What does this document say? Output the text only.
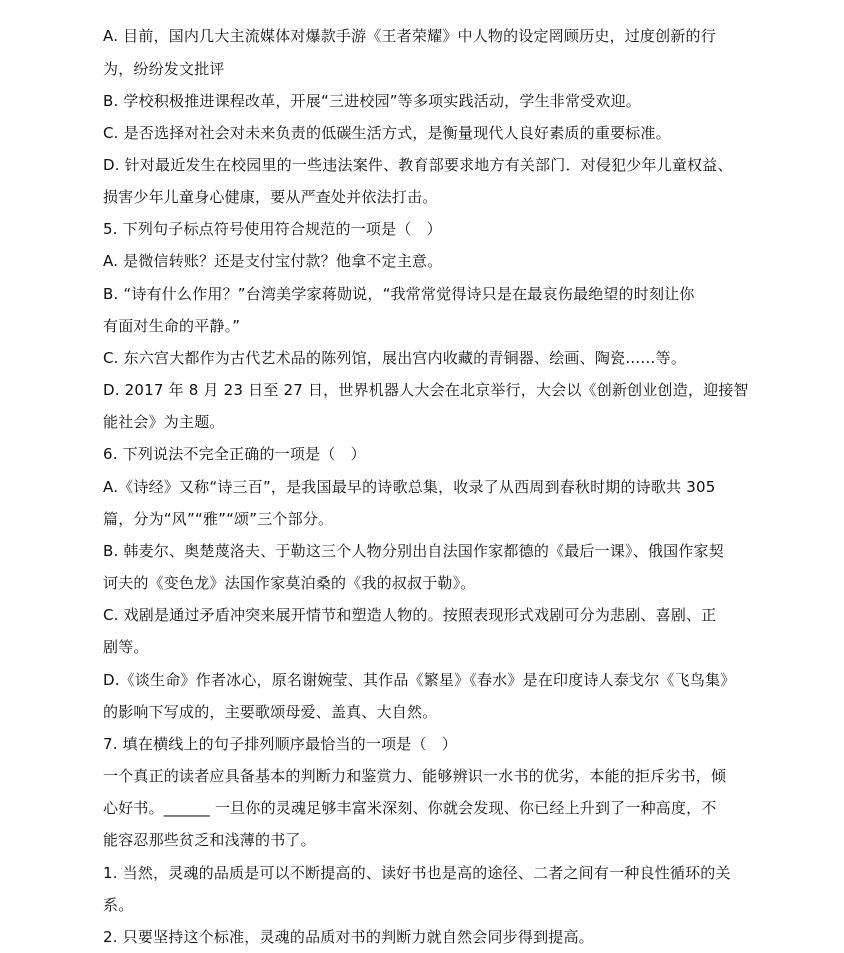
A. 目前，国内几大主流媒体对爆款手游《王者荣耀》中人物的设定罔顾历史，过度创新的行
为，纷纷发文批评
B. 学校积极推进课程改革，开展“三进校园”等多项实践活动，学生非常受欢迎。
C. 是否选择对社会对未来负责的低碳生活方式，是衡量现代人良好素质的重要标准。
D. 针对最近发生在校园里的一些违法案件、教育部要求地方有关部门．对侵犯少年儿童权益、
损害少年儿童身心健康，要从严查处并依法打击。
5. 下列句子标点符号使用符合规范的一项是（　）
A. 是微信转账？还是支付宝付款？他拿不定主意。
B. “诗有什么作用？”台湾美学家蒋勋说，“我常常觉得诗只是在最哀伤最绝望的时刻让你
有面对生命的平静。”
C. 东六宫大都作为古代艺术品的陈列馆，展出宫内收藏的青铜器、绘画、陶瓷……等。
D. 2017 年 8 月 23 日至 27 日，世界机器人大会在北京举行，大会以《创新创业创造，迎接智
能社会》为主题。
6. 下列说法不完全正确的一项是（　）
A.《诗经》又称“诗三百”，是我国最早的诗歌总集，收录了从西周到春秋时期的诗歌共 305
篇，分为“风”“雅”“颂”三个部分。
B. 韩麦尔、奥楚蔑洛夫、于勒这三个人物分别出自法国作家都德的《最后一课》、俄国作家契
诃夫的《变色龙》法国作家莫泊桑的《我的叔叔于勒》。
C. 戏剧是通过矛盾冲突来展开情节和塑造人物的。按照表现形式戏剧可分为悲剧、喜剧、正
剧等。
D.《谈生命》作者冰心，原名谢婉莹、其作品《繁星》《春水》是在印度诗人泰戈尔《飞鸟集》
的影响下写成的，主要歌颂母爱、盖真、大自然。
7. 填在横线上的句子排列顺序最恰当的一项是（　）
一个真正的读者应具备基本的判断力和鉴赏力、能够辨识一水书的优劣，本能的拒斥劣书，倾
心好书。______ 一旦你的灵魂足够丰富米深刻、你就会发现、你已经上升到了一种高度，不
能容忍那些贫乏和浅薄的书了。
1. 当然，灵魂的品质是可以不断提高的、读好书也是高的途径、二者之间有一种良性循环的关
系。
2. 只要坚持这个标准，灵魂的品质对书的判断力就自然会同步得到提高。
